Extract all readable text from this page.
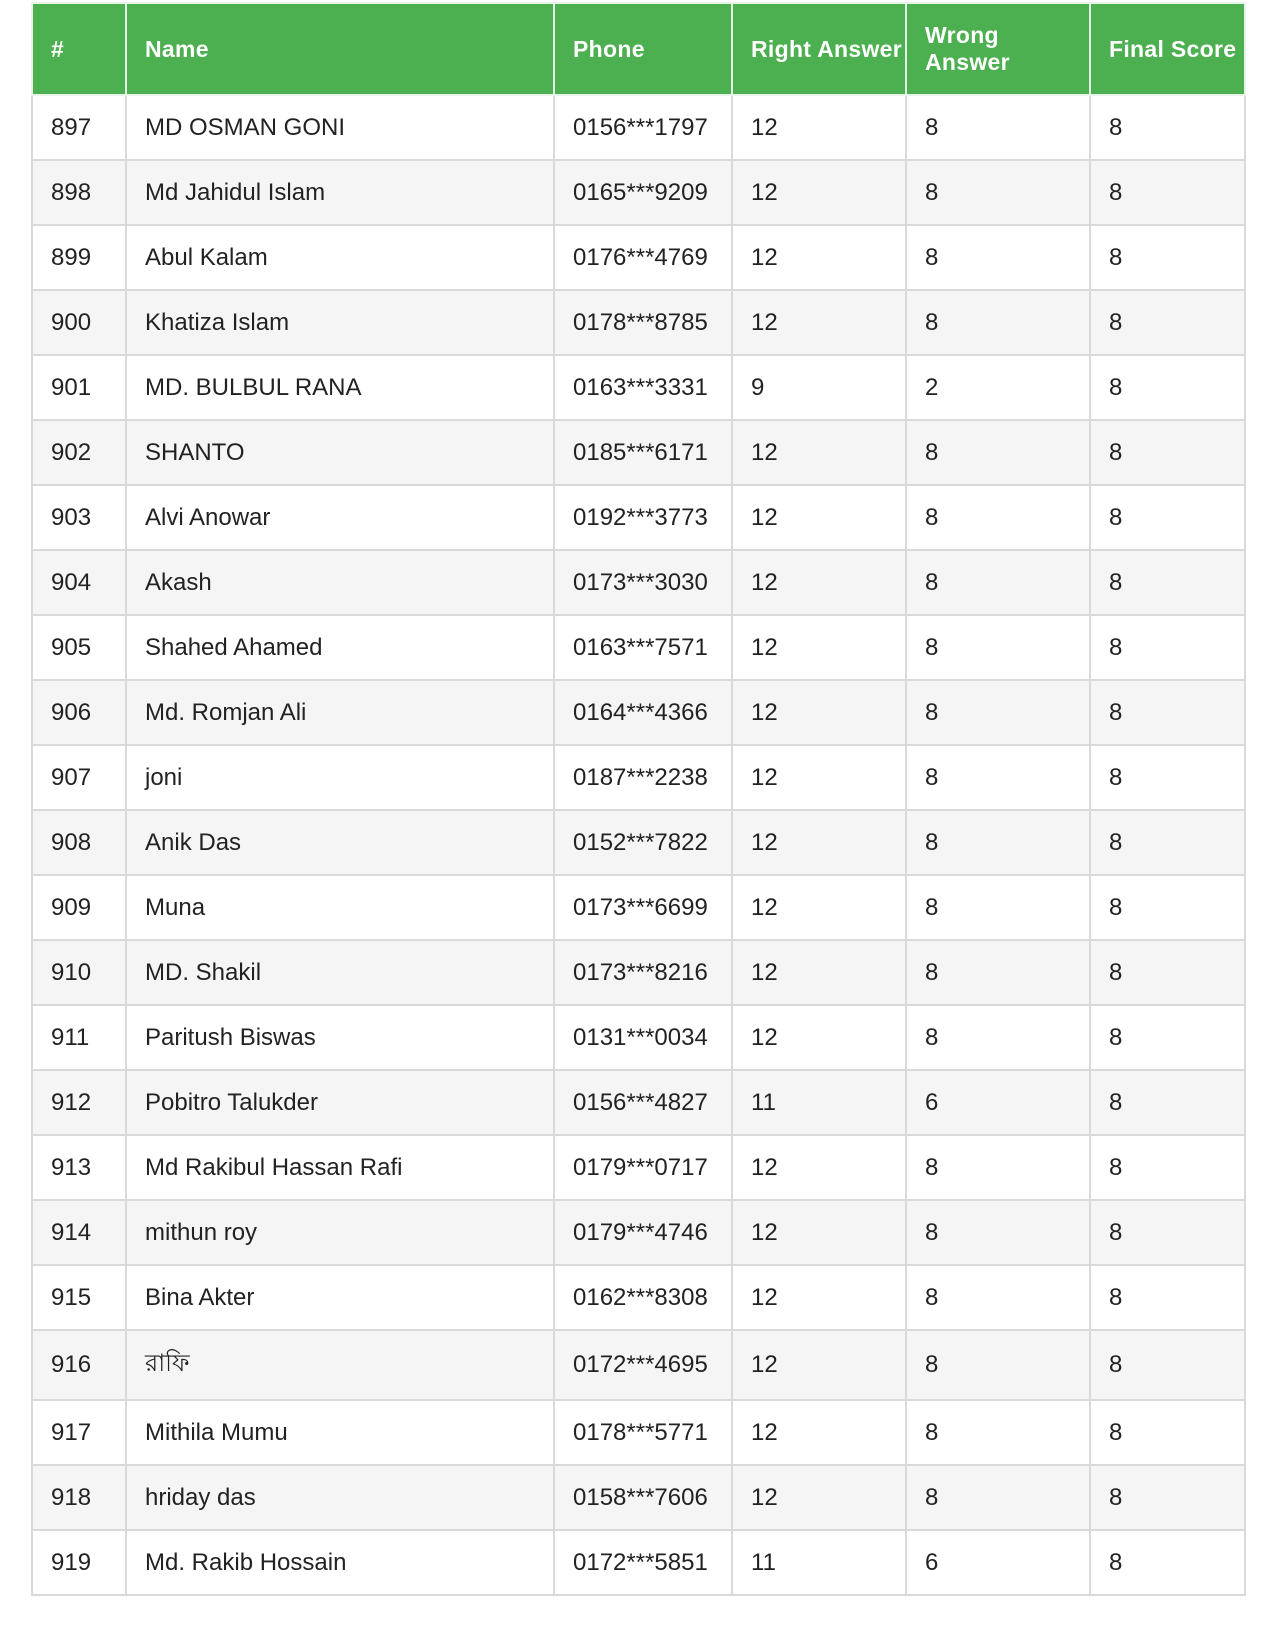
#	Name	Phone	Right Answer	Wrong Answer	Final Score
897	MD OSMAN GONI	0156***1797	12	8	8
898	Md Jahidul Islam	0165***9209	12	8	8
899	Abul Kalam	0176***4769	12	8	8
900	Khatiza Islam	0178***8785	12	8	8
901	MD. BULBUL RANA	0163***3331	9	2	8
902	SHANTO	0185***6171	12	8	8
903	Alvi Anowar	0192***3773	12	8	8
904	Akash	0173***3030	12	8	8
905	Shahed Ahamed	0163***7571	12	8	8
906	Md. Romjan Ali	0164***4366	12	8	8
907	joni	0187***2238	12	8	8
908	Anik Das	0152***7822	12	8	8
909	Muna	0173***6699	12	8	8
910	MD. Shakil	0173***8216	12	8	8
911	Paritush Biswas	0131***0034	12	8	8
912	Pobitro Talukder	0156***4827	11	6	8
913	Md Rakibul Hassan Rafi	0179***0717	12	8	8
914	mithun roy	0179***4746	12	8	8
915	Bina Akter	0162***8308	12	8	8
916	রাফি	0172***4695	12	8	8
917	Mithila Mumu	0178***5771	12	8	8
918	hriday das	0158***7606	12	8	8
919	Md. Rakib Hossain	0172***5851	11	6	8
